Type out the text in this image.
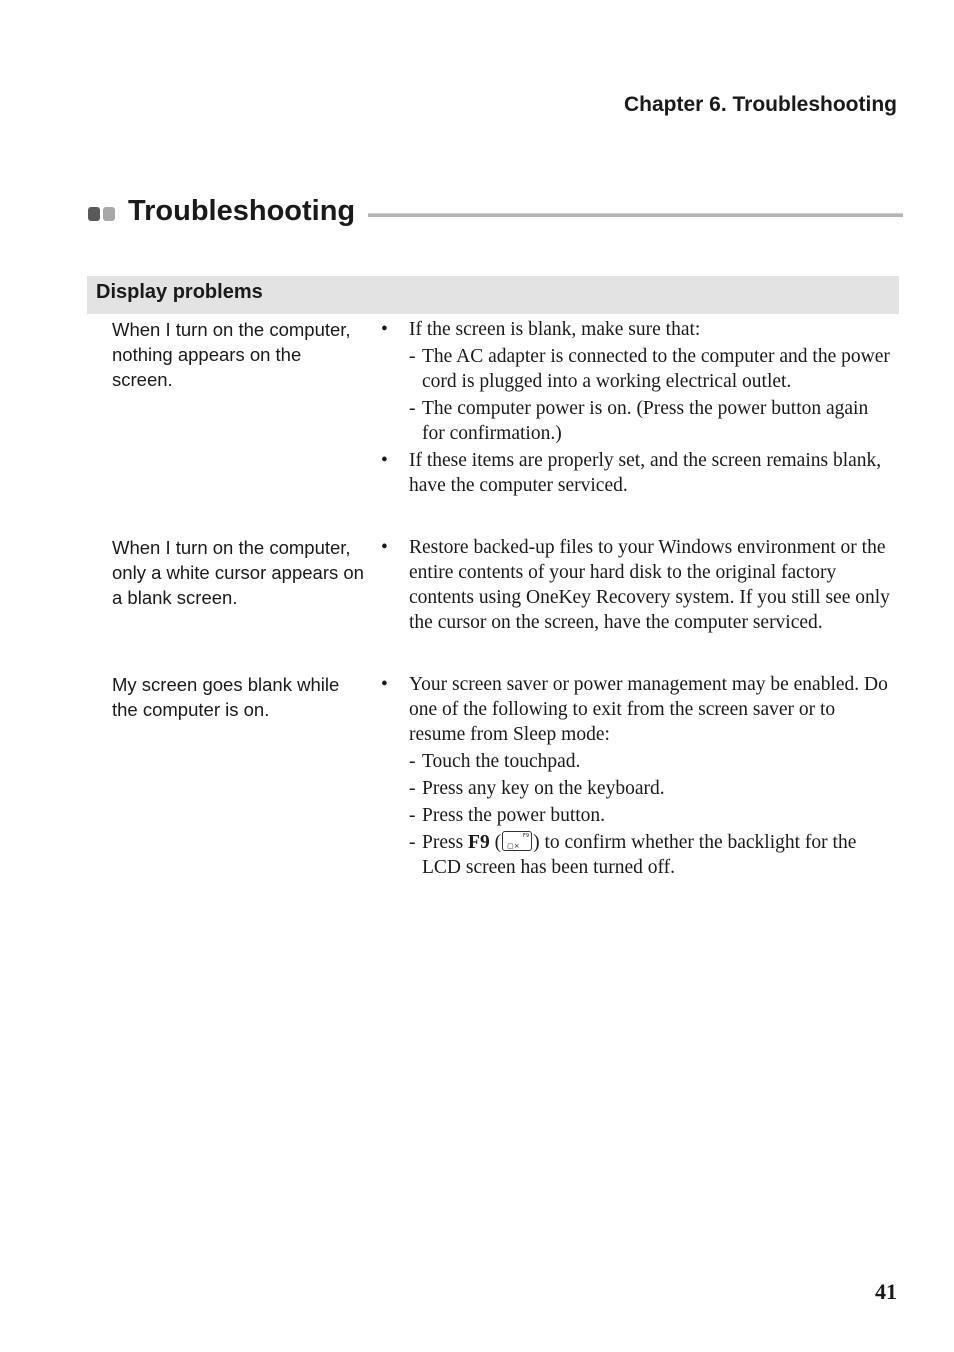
Chapter 6. Troubleshooting
Troubleshooting
Display problems
When I turn on the computer, nothing appears on the screen.
• If the screen is blank, make sure that:
- The AC adapter is connected to the computer and the power cord is plugged into a working electrical outlet.
- The computer power is on. (Press the power button again for confirmation.)
• If these items are properly set, and the screen remains blank, have the computer serviced.
When I turn on the computer, only a white cursor appears on a blank screen.
• Restore backed-up files to your Windows environment or the entire contents of your hard disk to the original factory contents using OneKey Recovery system. If you still see only the cursor on the screen, have the computer serviced.
My screen goes blank while the computer is on.
• Your screen saver or power management may be enabled. Do one of the following to exit from the screen saver or to resume from Sleep mode:
- Touch the touchpad.
- Press any key on the keyboard.
- Press the power button.
- Press F9 ( ▢×
F9 ) to confirm whether the backlight for the LCD screen has been turned off.
41
